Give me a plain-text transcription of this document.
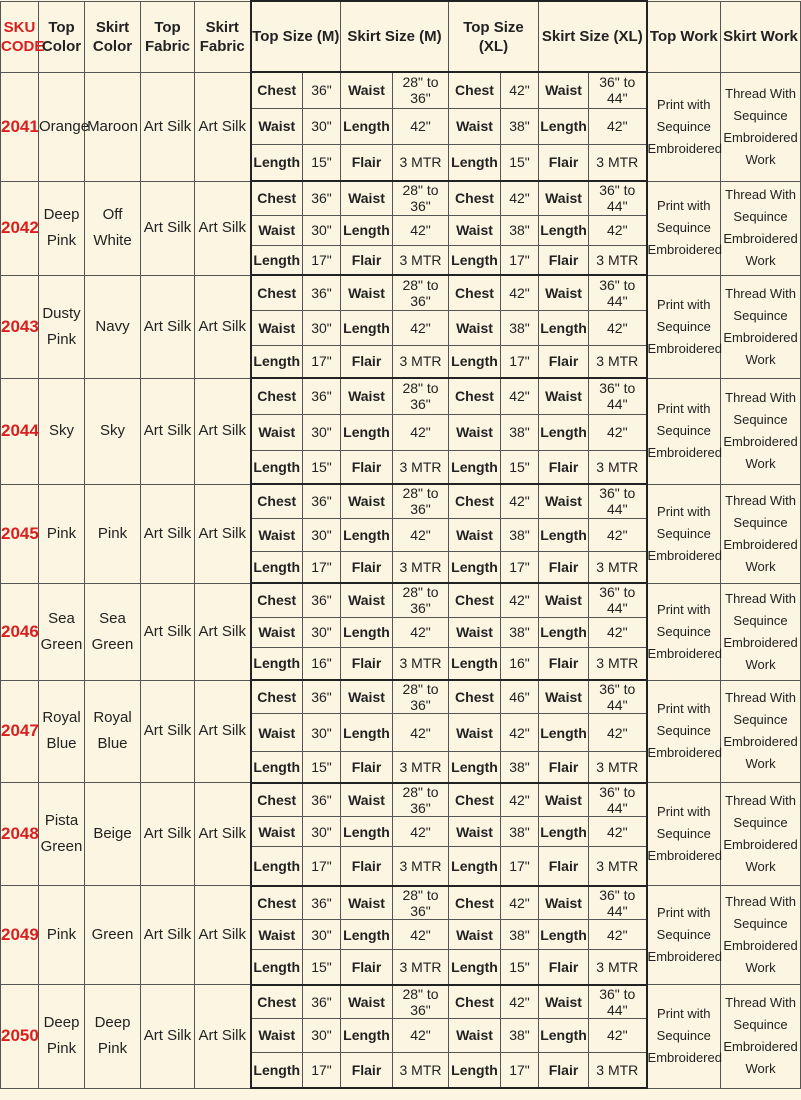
SKU CODE	Top Color	Skirt Color	Top Fabric	Skirt Fabric	Top Size (M)		Skirt Size (M)		Top Size (XL)		Skirt Size (XL)		Top Work	Skirt Work
2041	Orange	Maroon	Art Silk	Art Silk	Chest	36"	Waist	28" to 36"	Chest	42"	Waist	36" to 44"	Print with Sequince Embroidered	Thread With Sequince Embroidered Work
					Waist	30"	Length	42"	Waist	38"	Length	42"		
					Length	15"	Flair	3 MTR	Length	15"	Flair	3 MTR		
2042	Deep Pink	Off White	Art Silk	Art Silk	Chest	36"	Waist	28" to 36"	Chest	42"	Waist	36" to 44"	Print with Sequince Embroidered	Thread With Sequince Embroidered Work
					Waist	30"	Length	42"	Waist	38"	Length	42"		
					Length	17"	Flair	3 MTR	Length	17"	Flair	3 MTR		
2043	Dusty Pink	Navy	Art Silk	Art Silk	Chest	36"	Waist	28" to 36"	Chest	42"	Waist	36" to 44"	Print with Sequince Embroidered	Thread With Sequince Embroidered Work
					Waist	30"	Length	42"	Waist	38"	Length	42"		
					Length	17"	Flair	3 MTR	Length	17"	Flair	3 MTR		
2044	Sky	Sky	Art Silk	Art Silk	Chest	36"	Waist	28" to 36"	Chest	42"	Waist	36" to 44"	Print with Sequince Embroidered	Thread With Sequince Embroidered Work
					Waist	30"	Length	42"	Waist	38"	Length	42"		
					Length	15"	Flair	3 MTR	Length	15"	Flair	3 MTR		
2045	Pink	Pink	Art Silk	Art Silk	Chest	36"	Waist	28" to 36"	Chest	42"	Waist	36" to 44"	Print with Sequince Embroidered	Thread With Sequince Embroidered Work
					Waist	30"	Length	42"	Waist	38"	Length	42"		
					Length	17"	Flair	3 MTR	Length	17"	Flair	3 MTR		
2046	Sea Green	Sea Green	Art Silk	Art Silk	Chest	36"	Waist	28" to 36"	Chest	42"	Waist	36" to 44"	Print with Sequince Embroidered	Thread With Sequince Embroidered Work
					Waist	30"	Length	42"	Waist	38"	Length	42"		
					Length	16"	Flair	3 MTR	Length	16"	Flair	3 MTR		
2047	Royal Blue	Royal Blue	Art Silk	Art Silk	Chest	36"	Waist	28" to 36"	Chest	46"	Waist	36" to 44"	Print with Sequince Embroidered	Thread With Sequince Embroidered Work
					Waist	30"	Length	42"	Waist	42"	Length	42"		
					Length	15"	Flair	3 MTR	Length	38"	Flair	3 MTR		
2048	Pista Green	Beige	Art Silk	Art Silk	Chest	36"	Waist	28" to 36"	Chest	42"	Waist	36" to 44"	Print with Sequince Embroidered	Thread With Sequince Embroidered Work
					Waist	30"	Length	42"	Waist	38"	Length	42"		
					Length	17"	Flair	3 MTR	Length	17"	Flair	3 MTR		
2049	Pink	Green	Art Silk	Art Silk	Chest	36"	Waist	28" to 36"	Chest	42"	Waist	36" to 44"	Print with Sequince Embroidered	Thread With Sequince Embroidered Work
					Waist	30"	Length	42"	Waist	38"	Length	42"		
					Length	15"	Flair	3 MTR	Length	15"	Flair	3 MTR		
2050	Deep Pink	Deep Pink	Art Silk	Art Silk	Chest	36"	Waist	28" to 36"	Chest	42"	Waist	36" to 44"	Print with Sequince Embroidered	Thread With Sequince Embroidered Work
					Waist	30"	Length	42"	Waist	38"	Length	42"		
					Length	17"	Flair	3 MTR	Length	17"	Flair	3 MTR		
